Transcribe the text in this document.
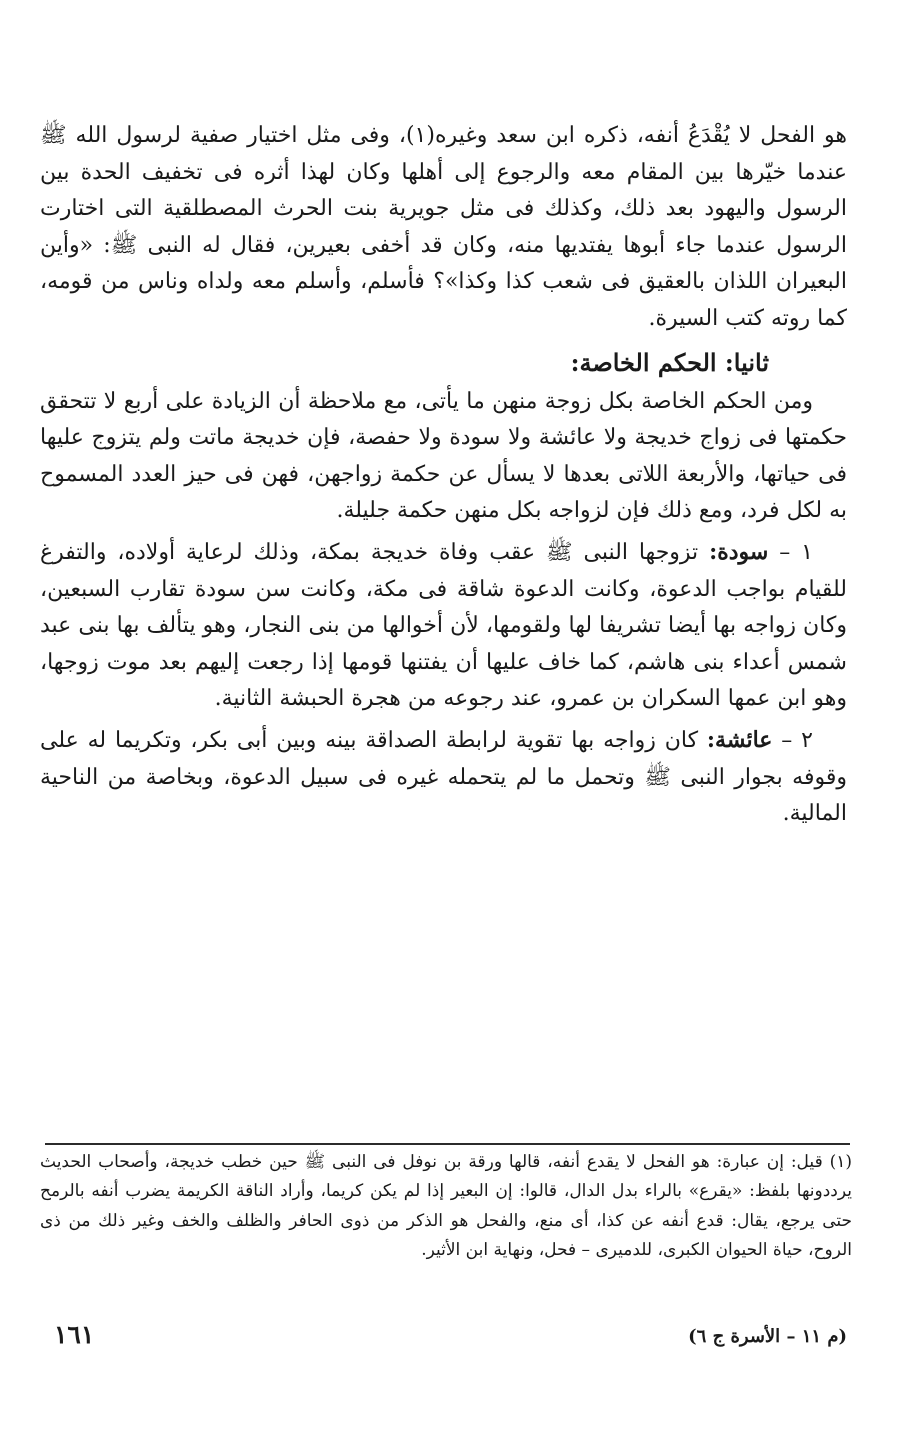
هو الفحل لا يُقْدَعُ أنفه، ذكره ابن سعد وغيره(١)، وفى مثل اختيار صفية لرسول الله ﷺ عندما خيّرها بين المقام معه والرجوع إلى أهلها وكان لهذا أثره فى تخفيف الحدة بين الرسول واليهود بعد ذلك، وكذلك فى مثل جويرية بنت الحرث المصطلقية التى اختارت الرسول عندما جاء أبوها يفتديها منه، وكان قد أخفى بعيرين، فقال له النبى ﷺ: «وأين البعيران اللذان بالعقيق فى شعب كذا وكذا»؟ فأسلم، وأسلم معه ولداه وناس من قومه، كما روته كتب السيرة.

ثانيا: الحكم الخاصة:

ومن الحكم الخاصة بكل زوجة منهن ما يأتى، مع ملاحظة أن الزيادة على أربع لا تتحقق حكمتها فى زواج خديجة ولا عائشة ولا سودة ولا حفصة، فإن خديجة ماتت ولم يتزوج عليها فى حياتها، والأربعة اللاتى بعدها لا يسأل عن حكمة زواجهن، فهن فى حيز العدد المسموح به لكل فرد، ومع ذلك فإن لزواجه بكل منهن حكمة جليلة.

١ – سودة: تزوجها النبى ﷺ عقب وفاة خديجة بمكة، وذلك لرعاية أولاده، والتفرغ للقيام بواجب الدعوة، وكانت الدعوة شاقة فى مكة، وكانت سن سودة تقارب السبعين، وكان زواجه بها أيضا تشريفا لها ولقومها، لأن أخوالها من بنى النجار، وهو يتألف بها بنى عبد شمس أعداء بنى هاشم، كما خاف عليها أن يفتنها قومها إذا رجعت إليهم بعد موت زوجها، وهو ابن عمها السكران بن عمرو، عند رجوعه من هجرة الحبشة الثانية.

٢ – عائشة: كان زواجه بها تقوية لرابطة الصداقة بينه وبين أبى بكر، وتكريما له على وقوفه بجوار النبى ﷺ وتحمل ما لم يتحمله غيره فى سبيل الدعوة، وبخاصة من الناحية المالية.

(١) قيل: إن عبارة: هو الفحل لا يقدع أنفه، قالها ورقة بن نوفل فى النبى ﷺ حين خطب خديجة، وأصحاب الحديث يرددونها بلفظ: «يقرع» بالراء بدل الدال، قالوا: إن البعير إذا لم يكن كريما، وأراد الناقة الكريمة يضرب أنفه بالرمح حتى يرجع، يقال: قدع أنفه عن كذا، أى منع، والفحل هو الذكر من ذوى الحافر والظلف والخف وغير ذلك من ذى الروح، حياة الحيوان الكبرى، للدميرى – فحل، ونهاية ابن الأثير.

١٦١	(م ١١ – الأسرة ج ٦)
